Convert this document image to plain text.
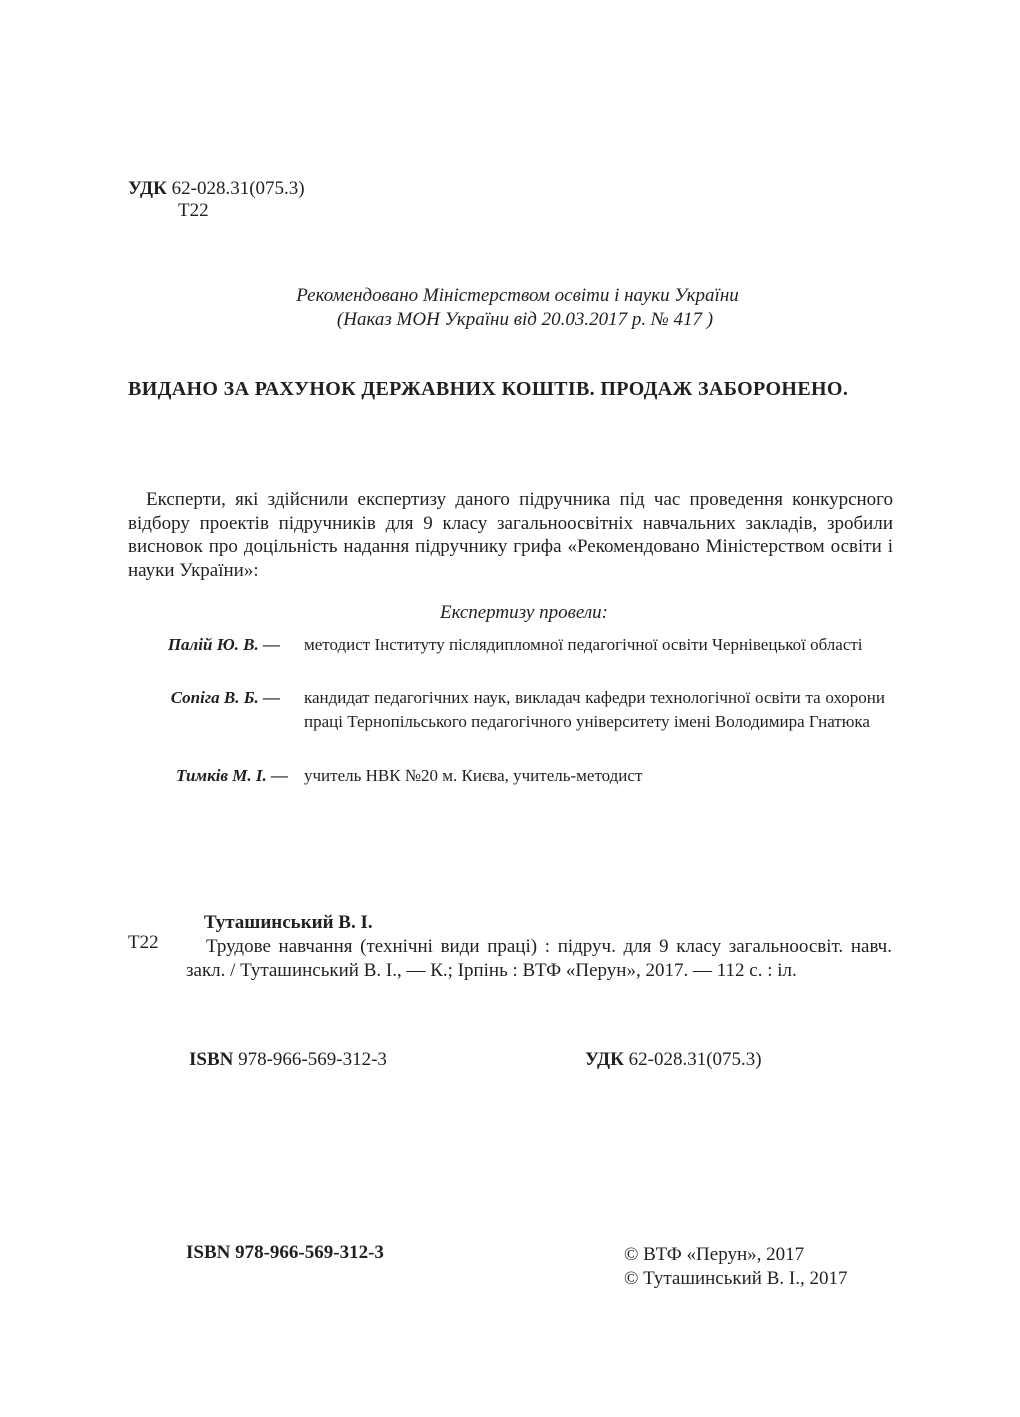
УДК 62-028.31(075.3)
Т22
Рекомендовано Міністерством освіти і науки України
(Наказ МОН України від 20.03.2017 р. № 417 )
ВИДАНО ЗА РАХУНОК ДЕРЖАВНИХ КОШТІВ. ПРОДАЖ ЗАБОРОНЕНО.

Експерти, які здійснили експертизу даного підручника під час проведення конкурсного відбору проектів підручників для 9 класу загальноосвітніх навчальних закладів, зробили висновок про доцільність надання підручнику грифа «Рекомендовано Міністерством освіти і науки України»:

Експертизу провели:
Палій Ю. В. — методист Інституту післядипломної педагогічної освіти Чернівецької області
Сопіга В. Б. — кандидат педагогічних наук, викладач кафедри технологічної освіти та охорони праці Тернопільського педагогічного університету імені Володимира Гнатюка
Тимків М. І. — учитель НВК №20 м. Києва, учитель-методист
Т22
Туташинський В. І.

Трудове навчання (технічні види праці) : підруч. для 9 класу загальноосвіт. навч. закл. / Туташинський В. І., — К.; Ірпінь : ВТФ «Перун», 2017. — 112 с. : іл.

ISBN 978-966-569-312-3	УДК 62-028.31(075.3)
ISBN 978-966-569-312-3	© ВТФ «Перун», 2017
© Туташинський В. І., 2017
